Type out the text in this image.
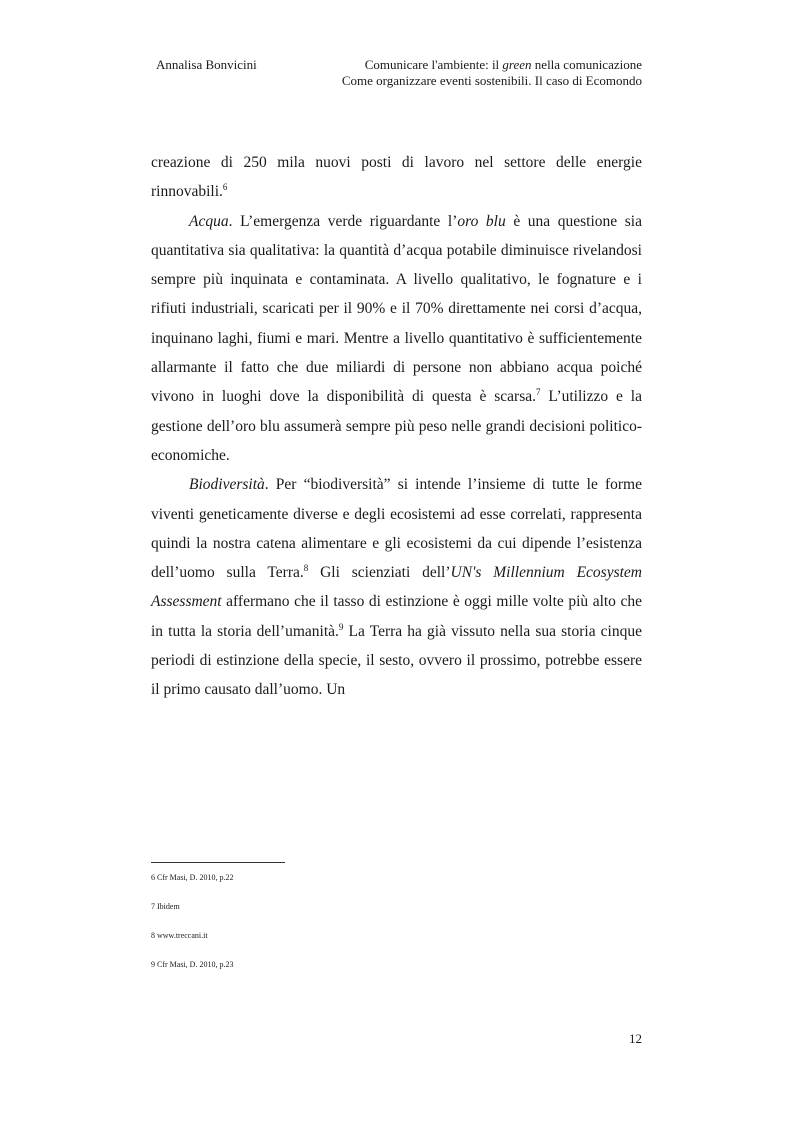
Annalisa Bonvicini	Comunicare l'ambiente: il green nella comunicazione
Come organizzare eventi sostenibili. Il caso di Ecomondo

creazione di 250 mila nuovi posti di lavoro nel settore delle energie rinnovabili.$^6$

Acqua. L’emergenza verde riguardante l’oro blu è una questione sia quantitativa sia qualitativa: la quantità d’acqua potabile diminuisce rivelandosi sempre più inquinata e contaminata. A livello qualitativo, le fognature e i rifiuti industriali, scaricati per il 90% e il 70% direttamente nei corsi d’acqua, inquinano laghi, fiumi e mari. Mentre a livello quantitativo è sufficientemente allarmante il fatto che due miliardi di persone non abbiano acqua poiché vivono in luoghi dove la disponibilità di questa è scarsa.$^7$ L’utilizzo e la gestione dell’oro blu assumerà sempre più peso nelle grandi decisioni politico-economiche.

Biodiversità. Per “biodiversità” si intende l’insieme di tutte le forme viventi geneticamente diverse e degli ecosistemi ad esse correlati, rappresenta quindi la nostra catena alimentare e gli ecosistemi da cui dipende l’esistenza dell’uomo sulla Terra.$^8$ Gli scienziati dell’UN's Millennium Ecosystem Assessment affermano che il tasso di estinzione è oggi mille volte più alto che in tutta la storia dell’umanità.$^9$ La Terra ha già vissuto nella sua storia cinque periodi di estinzione della specie, il sesto, ovvero il prossimo, potrebbe essere il primo causato dall’uomo. Un

6 Cfr Masi, D. 2010, p.22
7 Ibidem
8 www.treccani.it
9 Cfr Masi, D. 2010, p.23
12
